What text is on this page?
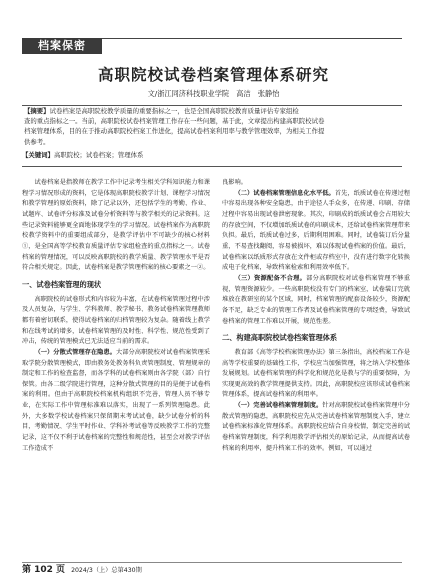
档案保密
高职院校试卷档案管理体系研究
文/浙江同济科技职业学院　高洁　张静怡
【摘要】试卷档案是高职院校教学质量的重要指标之一，也是全国高职院校教育质量评估专家组检
查的重点指标之一。当前，高职院校试卷档案管理工作存在一些问题，基于此，文章提出构建高职院校试卷
档案管理体系，目的在于推动高职院校档案工作进化，提高试卷档案利用率与教学管理效率，为相关工作提
供参考。
【关键词】高职院校；试卷档案；管理体系

试卷档案是指教师在教学工作中记录考生相关学科知识能力和课程学习情况形成的资料，它是体现高职院校教学计划、课程学习情况和教学管理的原始资料，除了记录以外，还包括学生的考勤、作业、试题库、试卷评分标准及试卷分析资料等与教学相关的记录资料。这些记录资料能够更全面地体现学生的学习情况。试卷档案作为高职院校教学资料中的重要组成部分，是教学评估中不可缺少的核心材料①，是全国高等学校教育质量评估专家组检查的重点指标之一。试卷档案的管理情况，可以反映高职院校的教学质量、教学管理水平是否符合相关规定。因此，试卷档案是教学管理档案的核心要素之一②。

一、试卷档案管理的现状

高职院校的试卷形式和内容较为丰富，在试卷档案管理过程中涉及人员复杂，与学生、学科教师、教学秘书、教务试卷档案管理教师都有着密切联系，使得试卷档案的归档管理较为复杂。随着线上教学和在线考试的增多，试卷档案管理的及时性、科学性、规范性受到了冲击，传统的管理模式已无法适应当前的需求。

（一）分散式管理存在隐患。大部分高职院校对试卷档案管理采取学院分散管理模式，即由教务处教务科负责管理制度、管理规章的制定和工作的检查监督，而各学科的试卷档案则由各学院（部）自行保管。由各二级学院进行管理，这种分散式管理的目的是便于试卷档案的利用。但由于高职院校档案机构组织不完善，管理人员不够专业，在实际工作中管理标准难以落实，出现了一系列管理隐患。此外，大多数学校试卷档案只保留期末考试试卷，缺少试卷分析的科目，考勤情况、学生平时作业、学科补考试卷等反映教学工作的完整记录，这不仅不利于试卷档案的完整性和规范性，甚至会对教学评估工作造成不

良影响。

（二）试卷档案管理信息化水平低。首先，纸质试卷在传递过程中容易出现各种安全隐患，由于途径人手众多，在传递、印刷、存储过程中容易出现试卷泄密现象。其次，印刷成的纸质试卷会占用较大的存放空间，不仅增加纸质试卷的印刷成本，还给试卷档案管理带来负担。最后，纸质试卷过多，后期利用困难。同时，试卷装订后分量重，不易查找翻阅，容易被损坏，难以体现试卷档案的价值。最后，试卷档案以纸质形式存放在文件柜或存档室中，没有进行数字化转换成电子化档案，导致档案检索和利用效率低下。

（三）资源配备不合理。部分高职院校对试卷档案管理不够重视，管理资源较少。一些高职院校没有专门的档案室，试卷装订完就堆放在教研室的某个区域，同时，档案管理的配套设备较少，资源配备不足，缺乏专业的管理工作者及试卷档案管理的专项经费，导致试卷档案的管理工作难以开展，规范性差。

二、构建高职院校试卷档案管理体系

教育部《高等学校档案管理办法》第三条指出，高校档案工作是高等学校重要的基础性工作，学校应当加强管理，将之纳入学校整体发展规划。试卷档案管理的科学化和规范化是教与学的重要保障，为实现更高效的教学管理提供支持。因此，高职院校应该形成试卷档案管理体系，提高试卷档案的利用率。

（一）完善试卷档案管理制度。针对高职院校试卷档案管理中分散式管理的隐患，高职院校应先从完善试卷档案管理制度入手，建立试卷档案标准化管理体系。高职院校应结合自身校情，制定完善的试卷档案管理制度，科学利用教学评估相关的原始记录，从而提高试卷档案的利用率，提升档案工作的效率。例如，可以通过

第 102 页 2024/3（上）总第430期
